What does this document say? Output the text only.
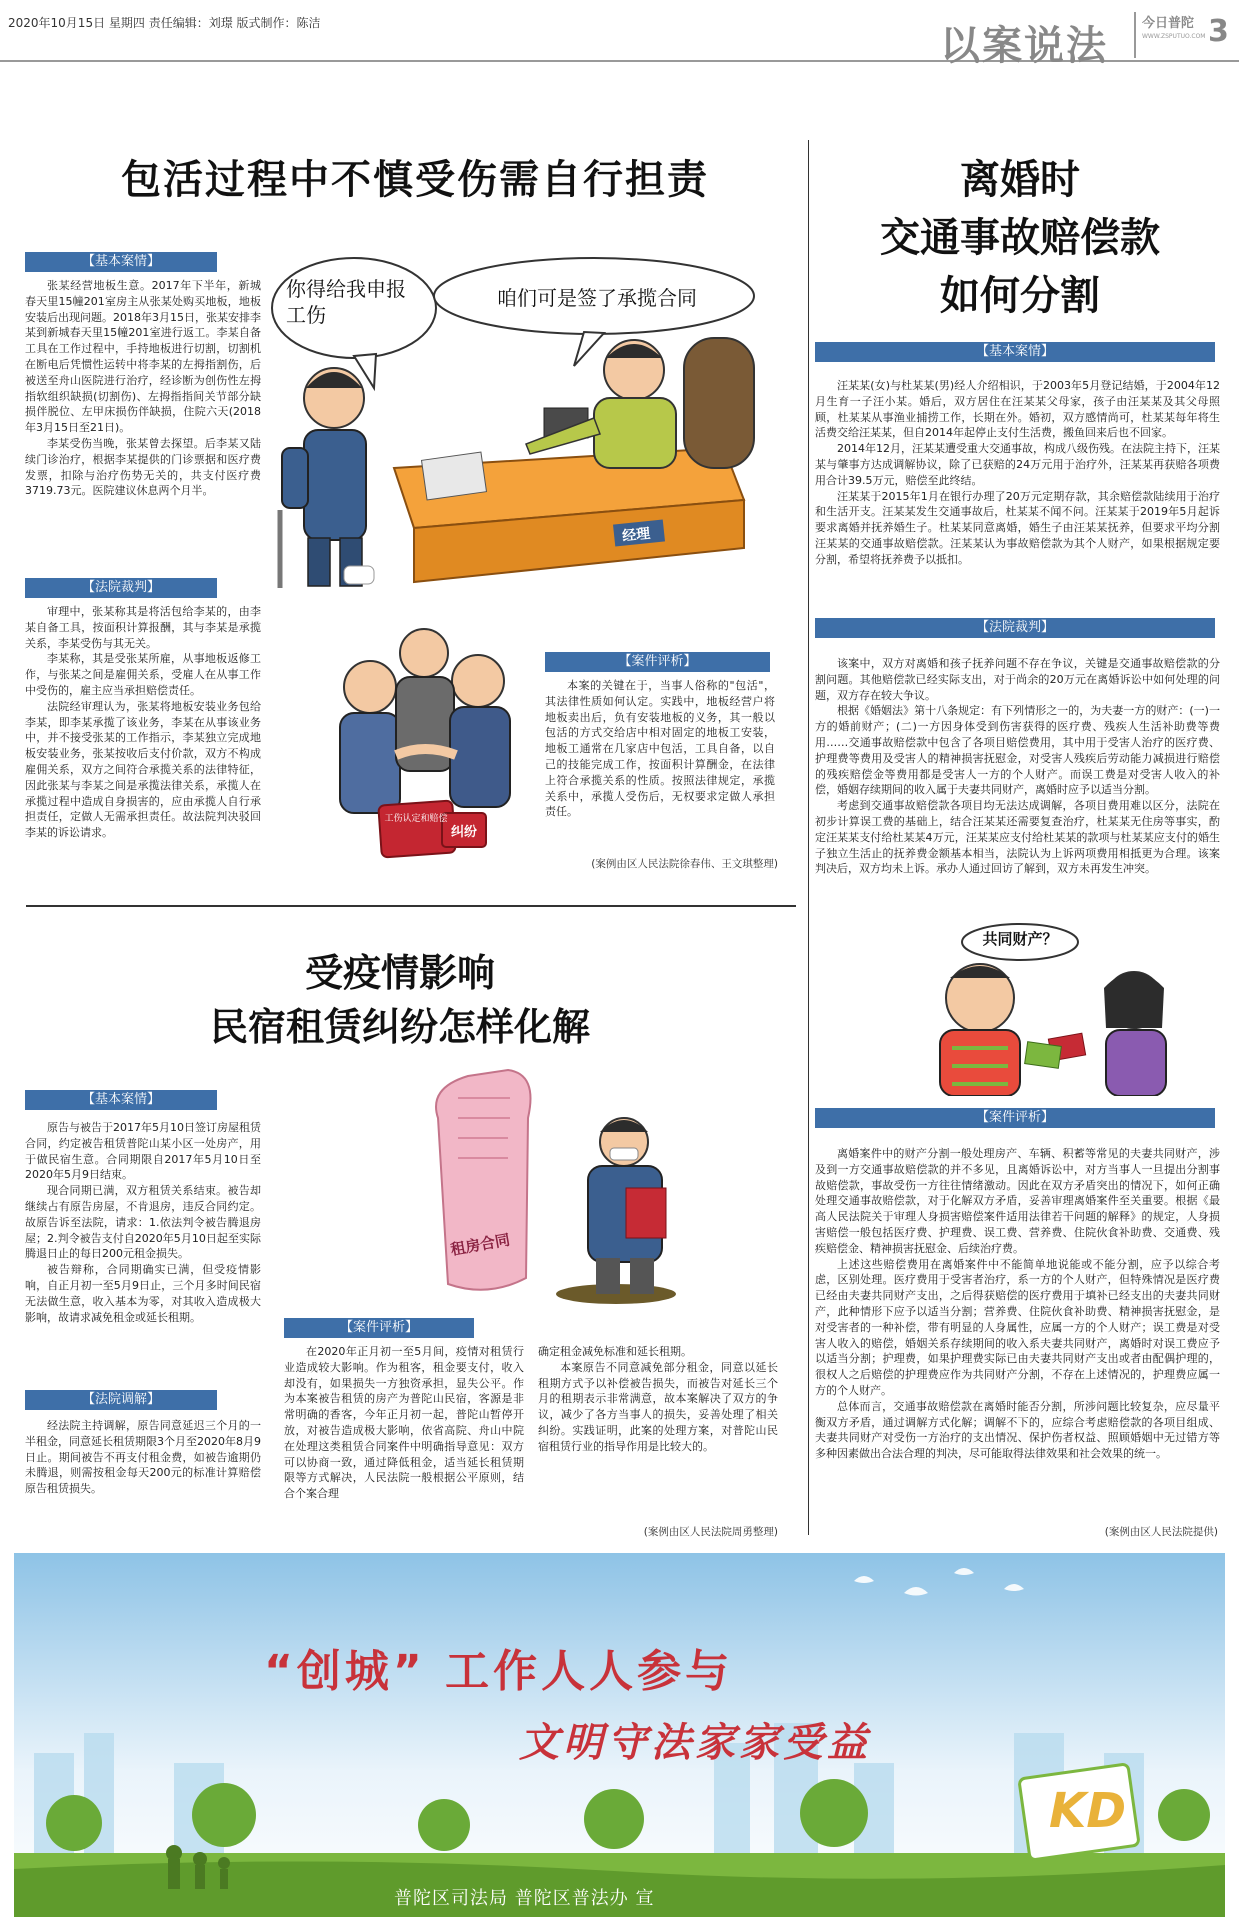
2020年10月15日 星期四 责任编辑：刘璟 版式制作：陈洁	以案说法	今日普陀
WWW.ZSPUTUO.COM 3
包活过程中不慎受伤需自行担责
【基本案情】

张某经营地板生意。2017年下半年，新城春天里15幢201室房主从张某处购买地板，地板安装后出现问题。2018年3月15日，张某安排李某到新城春天里15幢201室进行返工。李某自备工具在工作过程中，手持地板进行切割，切割机在断电后凭惯性运转中将李某的左拇指割伤，后被送至舟山医院进行治疗，经诊断为创伤性左拇指软组织缺损(切割伤)、左拇指指间关节部分缺损伴脱位、左甲床损伤伴缺损，住院六天(2018年3月15日至21日)。

李某受伤当晚，张某曾去探望。后李某又陆续门诊治疗，根据李某提供的门诊票据和医疗费发票，扣除与治疗伤势无关的，共支付医疗费3719.73元。医院建议休息两个月半。

经理
你得给我申报工伤
咱们可是签了承揽合同
【法院裁判】

审理中，张某称其是将活包给李某的，由李某自备工具，按面积计算报酬，其与李某是承揽关系，李某受伤与其无关。

李某称，其是受张某所雇，从事地板返修工作，与张某之间是雇佣关系，受雇人在从事工作中受伤的，雇主应当承担赔偿责任。

法院经审理认为，张某将地板安装业务包给李某，即李某承揽了该业务，李某在从事该业务中，并不接受张某的工作指示，李某独立完成地板安装业务，张某按收后支付价款，双方不构成雇佣关系，双方之间符合承揽关系的法律特征，因此张某与李某之间是承揽法律关系，承揽人在承揽过程中造成自身损害的，应由承揽人自行承担责任，定做人无需承担责任。故法院判决驳回李某的诉讼请求。

工伤认定和赔偿
纠纷
【案件评析】

本案的关键在于，当事人俗称的"包活"，其法律性质如何认定。实践中，地板经营户将地板卖出后，负有安装地板的义务，其一般以包活的方式交给店中相对固定的地板工安装，地板工通常在几家店中包活，工具自备，以自己的技能完成工作，按面积计算酬金，在法律上符合承揽关系的性质。按照法律规定，承揽关系中，承揽人受伤后，无权要求定做人承担责任。

(案例由区人民法院徐春伟、王文琪整理)
受疫情影响
民宿租赁纠纷怎样化解
【基本案情】

原告与被告于2017年5月10日签订房屋租赁合同，约定被告租赁普陀山某小区一处房产，用于做民宿生意。合同期限自2017年5月10日至2020年5月9日结束。

现合同期已满，双方租赁关系结束。被告却继续占有原告房屋，不肯退房，违反合同约定。故原告诉至法院，请求：1.依法判令被告腾退房屋；2.判令被告支付自2020年5月10日起至实际腾退日止的每日200元租金损失。

被告辩称，合同期确实已满，但受疫情影响，自正月初一至5月9日止，三个月多时间民宿无法做生意，收入基本为零，对其收入造成极大影响，故请求减免租金或延长租期。

租房合同
【案件评析】

在2020年正月初一至5月间，疫情对租赁行业造成较大影响。作为租客，租金要支付，收入却没有，如果损失一方独资承担，显失公平。作为本案被告租赁的房产为普陀山民宿，客源是非常明确的香客，今年正月初一起，普陀山暂停开放，对被告造成极大影响，依省高院、舟山中院在处理这类租赁合同案件中明确指导意见：双方可以协商一致，通过降低租金，适当延长租赁期限等方式解决，人民法院一般根据公平原则，结合个案合理

确定租金减免标准和延长租期。

本案原告不同意减免部分租金，同意以延长租期方式予以补偿被告损失，而被告对延长三个月的租期表示非常满意，故本案解决了双方的争议，减少了各方当事人的损失，妥善处理了相关纠纷。实践证明，此案的处理方案，对普陀山民宿租赁行业的指导作用是比较大的。

(案例由区人民法院周勇整理)
【法院调解】

经法院主持调解，原告同意延迟三个月的一半租金，同意延长租赁期限3个月至2020年8月9日止。期间被告不再支付租金费，如被告逾期仍未腾退，则需按租金每天200元的标准计算赔偿原告租赁损失。

离婚时
交通事故赔偿款
如何分割
【基本案情】

汪某某(女)与杜某某(男)经人介绍相识，于2003年5月登记结婚，于2004年12月生育一子汪小某。婚后，双方居住在汪某某父母家，孩子由汪某某及其父母照顾，杜某某从事渔业捕捞工作，长期在外。婚初，双方感情尚可，杜某某每年将生活费交给汪某某，但自2014年起停止支付生活费，搬鱼回来后也不回家。

2014年12月，汪某某遭受重大交通事故，构成八级伤残。在法院主持下，汪某某与肇事方达成调解协议，除了已获赔的24万元用于治疗外，汪某某再获赔各项费用合计39.5万元，赔偿至此终结。

汪某某于2015年1月在银行办理了20万元定期存款，其余赔偿款陆续用于治疗和生活开支。汪某某发生交通事故后，杜某某不闻不问。汪某某于2019年5月起诉要求离婚并抚养婚生子。杜某某同意离婚，婚生子由汪某某抚养，但要求平均分割汪某某的交通事故赔偿款。汪某某认为事故赔偿款为其个人财产，如果根据规定要分割，希望将抚养费予以抵扣。

【法院裁判】

该案中，双方对离婚和孩子抚养问题不存在争议，关键是交通事故赔偿款的分割问题。其他赔偿款已经实际支出，对于尚余的20万元在离婚诉讼中如何处理的问题，双方存在较大争议。

根据《婚姻法》第十八条规定：有下列情形之一的，为夫妻一方的财产：(一)一方的婚前财产；(二)一方因身体受到伤害获得的医疗费、残疾人生活补助费等费用……交通事故赔偿款中包含了各项目赔偿费用，其中用于受害人治疗的医疗费、护理费等费用及受害人的精神损害抚慰金，对受害人残疾后劳动能力减损进行赔偿的残疾赔偿金等费用都是受害人一方的个人财产。而误工费是对受害人收入的补偿，婚姻存续期间的收入属于夫妻共同财产，离婚时应予以适当分割。

考虑到交通事故赔偿款各项目均无法达成调解，各项目费用难以区分，法院在初步计算误工费的基础上，结合汪某某还需要复查治疗，杜某某无住房等事实，酌定汪某某支付给杜某某4万元，汪某某应支付给杜某某的款项与杜某某应支付的婚生子独立生活止的抚养费金额基本相当，法院认为上诉两项费用相抵更为合理。该案判决后，双方均未上诉。承办人通过回访了解到，双方未再发生冲突。

共同财产？
【案件评析】

离婚案件中的财产分割一般处理房产、车辆、积蓄等常见的夫妻共同财产，涉及到一方交通事故赔偿款的并不多见，且离婚诉讼中，对方当事人一旦提出分割事故赔偿款，事故受伤一方往往情绪激动。因此在双方矛盾突出的情况下，如何正确处理交通事故赔偿款，对于化解双方矛盾，妥善审理离婚案件至关重要。根据《最高人民法院关于审理人身损害赔偿案件适用法律若干问题的解释》的规定，人身损害赔偿一般包括医疗费、护理费、误工费、营养费、住院伙食补助费、交通费、残疾赔偿金、精神损害抚慰金、后续治疗费。

上述这些赔偿费用在离婚案件中不能简单地说能或不能分割，应予以综合考虑，区别处理。医疗费用于受害者治疗，系一方的个人财产，但特殊情况是医疗费已经由夫妻共同财产支出，之后得获赔偿的医疗费用于填补已经支出的夫妻共同财产，此种情形下应予以适当分割；营养费、住院伙食补助费、精神损害抚慰金，是对受害者的一种补偿，带有明显的人身属性，应属一方的个人财产；误工费是对受害人收入的赔偿，婚姻关系存续期间的收入系夫妻共同财产，离婚时对误工费应予以适当分割；护理费，如果护理费实际已由夫妻共同财产支出或者由配偶护理的，很权人之后赔偿的护理费应作为共同财产分割，不存在上述情况的，护理费应属一方的个人财产。

总体而言，交通事故赔偿款在离婚时能否分割，所涉问题比较复杂，应尽量平衡双方矛盾，通过调解方式化解；调解不下的，应综合考虑赔偿款的各项目组成、夫妻共同财产对受伤一方治疗的支出情况、保护伤者权益、照顾婚姻中无过错方等多种因素做出合法合理的判决，尽可能取得法律效果和社会效果的统一。

(案例由区人民法院提供)
“创城” 工作人人参与
文明守法家家受益
KD
普陀区司法局 普陀区普法办 宣
